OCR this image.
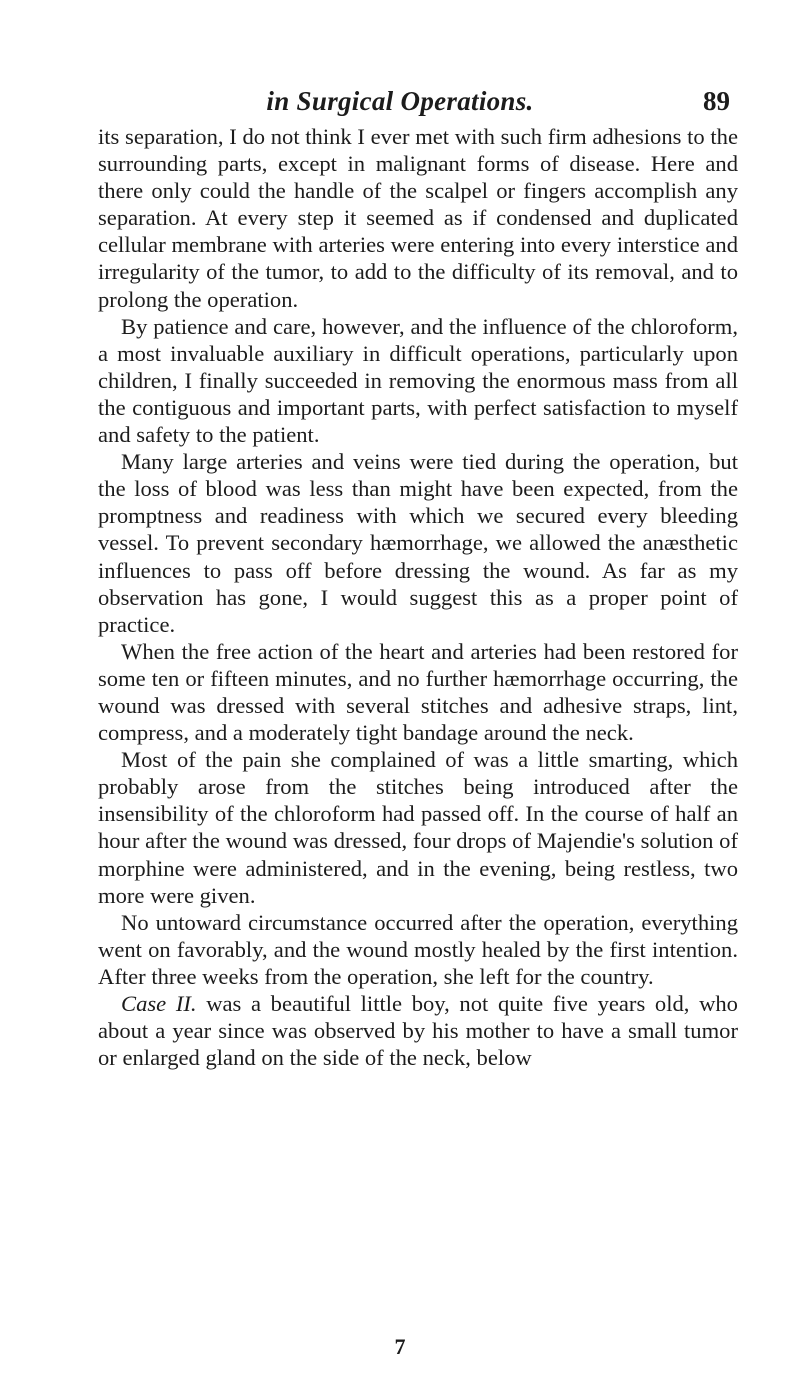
in Surgical Operations.	89

its separation, I do not think I ever met with such firm adhesions to the surrounding parts, except in malignant forms of disease. Here and there only could the handle of the scalpel or fingers accomplish any separation. At every step it seemed as if condensed and duplicated cellular membrane with arteries were entering into every interstice and irregularity of the tumor, to add to the difficulty of its removal, and to prolong the operation.

By patience and care, however, and the influence of the chloroform, a most invaluable auxiliary in difficult operations, particularly upon children, I finally succeeded in removing the enormous mass from all the contiguous and important parts, with perfect satisfaction to myself and safety to the patient.

Many large arteries and veins were tied during the operation, but the loss of blood was less than might have been expected, from the promptness and readiness with which we secured every bleeding vessel. To prevent secondary hæmorrhage, we allowed the anæsthetic influences to pass off before dressing the wound. As far as my observation has gone, I would suggest this as a proper point of practice.

When the free action of the heart and arteries had been restored for some ten or fifteen minutes, and no further hæmorrhage occurring, the wound was dressed with several stitches and adhesive straps, lint, compress, and a moderately tight bandage around the neck.

Most of the pain she complained of was a little smarting, which probably arose from the stitches being introduced after the insensibility of the chloroform had passed off. In the course of half an hour after the wound was dressed, four drops of Majendie's solution of morphine were administered, and in the evening, being restless, two more were given.

No untoward circumstance occurred after the operation, everything went on favorably, and the wound mostly healed by the first intention. After three weeks from the operation, she left for the country.

Case II. was a beautiful little boy, not quite five years old, who about a year since was observed by his mother to have a small tumor or enlarged gland on the side of the neck, below

7
